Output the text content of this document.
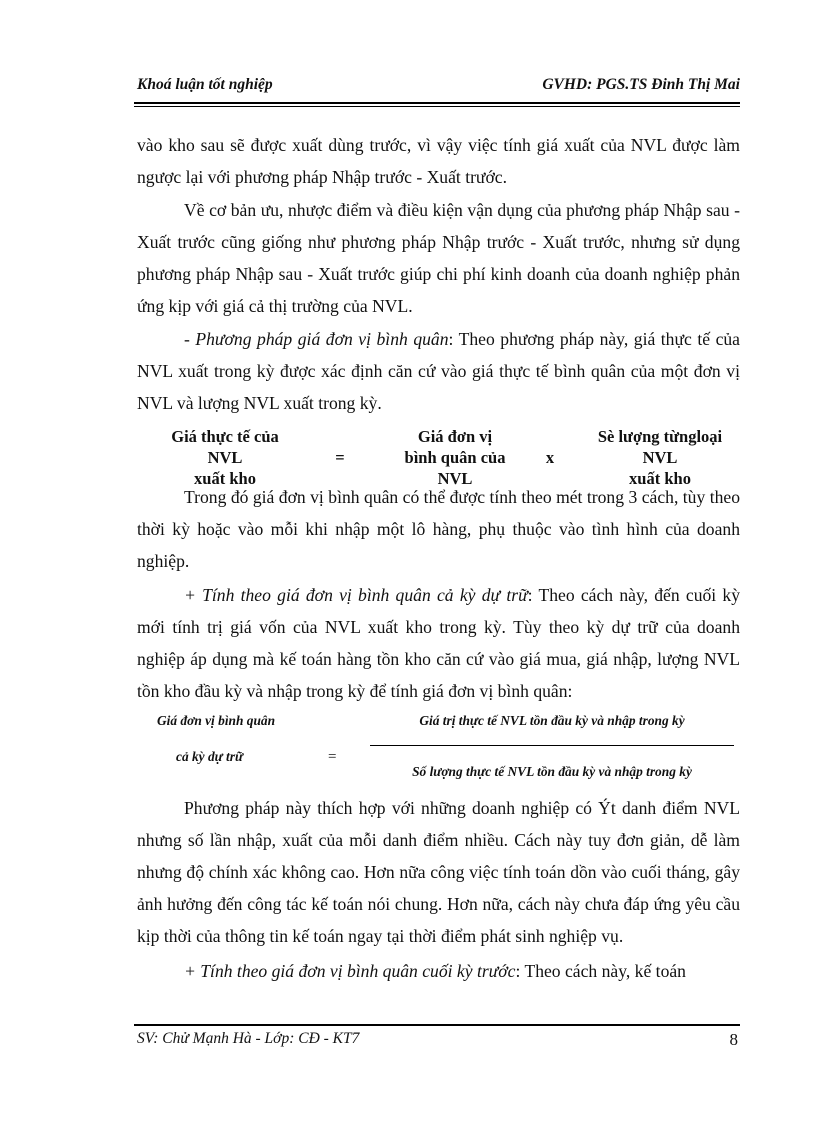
Khoá luận tốt nghiệp	GVHD: PGS.TS Đinh Thị Mai

vào kho sau sẽ được xuất dùng trước, vì vậy việc tính giá xuất của NVL được làm ngược lại với phương pháp Nhập trước - Xuất trước.

Về cơ bản ưu, nhược điểm và điều kiện vận dụng của phương pháp Nhập sau - Xuất trước cũng giống như phương pháp Nhập trước - Xuất trước, nhưng sử dụng phương pháp Nhập sau - Xuất trước giúp chi phí kinh doanh của doanh nghiệp phản ứng kịp với giá cả thị trường của NVL.

- Phương pháp giá đơn vị bình quân: Theo phương pháp này, giá thực tế của NVL xuất trong kỳ được xác định căn cứ vào giá thực tế bình quân của một đơn vị NVL và lượng NVL xuất trong kỳ.

Giá thực tế của
NVL
xuất kho
=
Giá đơn vị
bình quân của
NVL
x
Sè lượng từngloại
NVL
xuất kho

Trong đó giá đơn vị bình quân có thể được tính theo mét trong 3 cách, tùy theo thời kỳ hoặc vào mỗi khi nhập một lô hàng, phụ thuộc vào tình hình của doanh nghiệp.

+ Tính theo giá đơn vị bình quân cả kỳ dự trữ: Theo cách này, đến cuối kỳ mới tính trị giá vốn của NVL xuất kho trong kỳ. Tùy theo kỳ dự trữ của doanh nghiệp áp dụng mà kế toán hàng tồn kho căn cứ vào giá mua, giá nhập, lượng NVL tồn kho đầu kỳ và nhập trong kỳ để tính giá đơn vị bình quân:

Giá đơn vị bình quân
cả kỳ dự trữ	=
Giá trị thực tế NVL tồn đầu kỳ và nhập trong kỳ
Số lượng thực tế NVL tồn đầu kỳ và nhập trong kỳ

Phương pháp này thích hợp với những doanh nghiệp có Ýt danh điểm NVL nhưng số lần nhập, xuất của mỗi danh điểm nhiều. Cách này tuy đơn giản, dễ làm nhưng độ chính xác không cao. Hơn nữa công việc tính toán dồn vào cuối tháng, gây ảnh hưởng đến công tác kế toán nói chung. Hơn nữa, cách này chưa đáp ứng yêu cầu kịp thời của thông tin kế toán ngay tại thời điểm phát sinh nghiệp vụ.

+ Tính theo giá đơn vị bình quân cuối kỳ trước: Theo cách này, kế toán

SV: Chử Mạnh Hà - Lớp: CĐ - KT7	8
